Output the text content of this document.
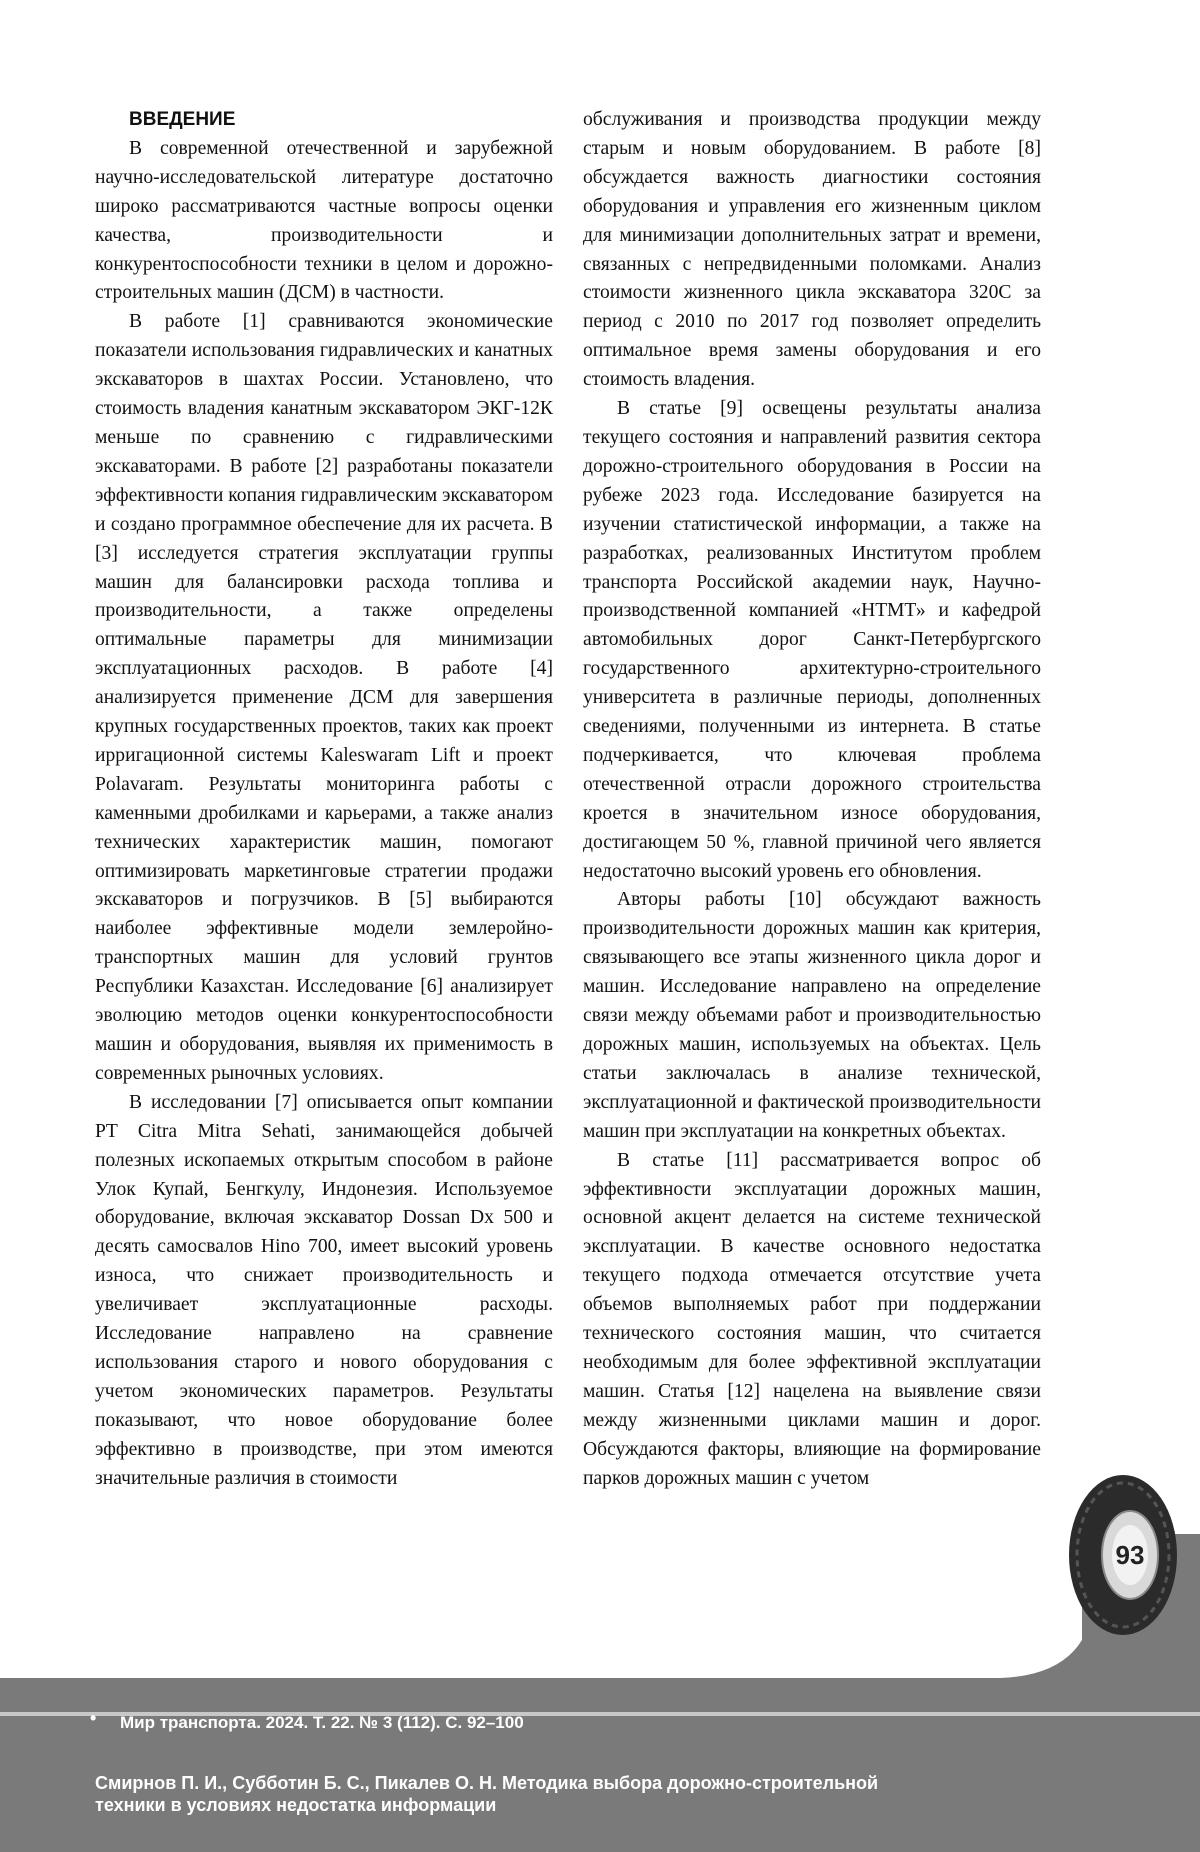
ВВЕДЕНИЕ

В современной отечественной и зарубежной научно-исследовательской литературе достаточно широко рассматриваются частные вопросы оценки качества, производительности и конкурентоспособности техники в целом и дорожно-строительных машин (ДСМ) в частности.

В работе [1] сравниваются экономические показатели использования гидравлических и канатных экскаваторов в шахтах России. Установлено, что стоимость владения канатным экскаватором ЭКГ-12К меньше по сравнению с гидравлическими экскаваторами. В работе [2] разработаны показатели эффективности копания гидравлическим экскаватором и создано программное обеспечение для их расчета. В [3] исследуется стратегия эксплуатации группы машин для балансировки расхода топлива и производительности, а также определены оптимальные параметры для минимизации эксплуатационных расходов. В работе [4] анализируется применение ДСМ для завершения крупных государственных проектов, таких как проект ирригационной системы Kaleswaram Lift и проект Polavaram. Результаты мониторинга работы с каменными дробилками и карьерами, а также анализ технических характеристик машин, помогают оптимизировать маркетинговые стратегии продажи экскаваторов и погрузчиков. В [5] выбираются наиболее эффективные модели землеройно-транспортных машин для условий грунтов Республики Казахстан. Исследование [6] анализирует эволюцию методов оценки конкурентоспособности машин и оборудования, выявляя их применимость в современных рыночных условиях.

В исследовании [7] описывается опыт компании PT Citra Mitra Sehati, занимающейся добычей полезных ископаемых открытым способом в районе Улок Купай, Бенгкулу, Индонезия. Используемое оборудование, включая экскаватор Dossan Dx 500 и десять самосвалов Hino 700, имеет высокий уровень износа, что снижает производительность и увеличивает эксплуатационные расходы. Исследование направлено на сравнение использования старого и нового оборудования с учетом экономических параметров. Результаты показывают, что новое оборудование более эффективно в производстве, при этом имеются значительные различия в стоимости

обслуживания и производства продукции между старым и новым оборудованием. В работе [8] обсуждается важность диагностики состояния оборудования и управления его жизненным циклом для минимизации дополнительных затрат и времени, связанных с непредвиденными поломками. Анализ стоимости жизненного цикла экскаватора 320С за период с 2010 по 2017 год позволяет определить оптимальное время замены оборудования и его стоимость владения.

В статье [9] освещены результаты анализа текущего состояния и направлений развития сектора дорожно-строительного оборудования в России на рубеже 2023 года. Исследование базируется на изучении статистической информации, а также на разработках, реализованных Институтом проблем транспорта Российской академии наук, Научно-производственной компанией «НТМТ» и кафедрой автомобильных дорог Санкт-Петербургского государственного архитектурно-строительного университета в различные периоды, дополненных сведениями, полученными из интернета. В статье подчеркивается, что ключевая проблема отечественной отрасли дорожного строительства кроется в значительном износе оборудования, достигающем 50 %, главной причиной чего является недостаточно высокий уровень его обновления.

Авторы работы [10] обсуждают важность производительности дорожных машин как критерия, связывающего все этапы жизненного цикла дорог и машин. Исследование направлено на определение связи между объемами работ и производительностью дорожных машин, используемых на объектах. Цель статьи заключалась в анализе технической, эксплуатационной и фактической производительности машин при эксплуатации на конкретных объектах.

В статье [11] рассматривается вопрос об эффективности эксплуатации дорожных машин, основной акцент делается на системе технической эксплуатации. В качестве основного недостатка текущего подхода отмечается отсутствие учета объемов выполняемых работ при поддержании технического состояния машин, что считается необходимым для более эффективной эксплуатации машин. Статья [12] нацелена на выявление связи между жизненными циклами машин и дорог. Обсуждаются факторы, влияющие на формирование парков дорожных машин с учетом

93
• Мир транспорта. 2024. Т. 22. № 3 (112). С. 92–100
Смирнов П. И., Субботин Б. С., Пикалев О. Н. Методика выбора дорожно-строительной
техники в условиях недостатка информации
